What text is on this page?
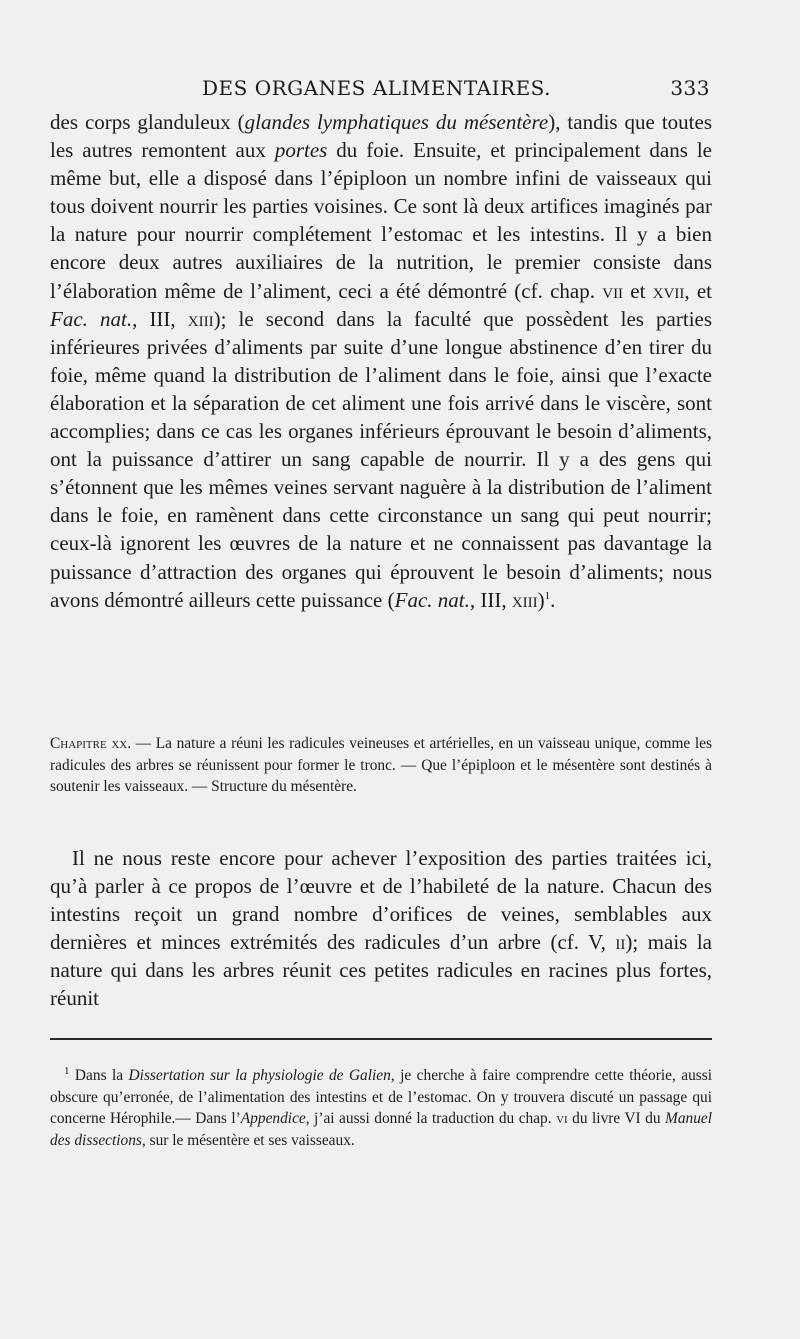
DES ORGANES ALIMENTAIRES.	333

des corps glanduleux (glandes lymphatiques du mésentère), tandis que toutes les autres remontent aux portes du foie. Ensuite, et principalement dans le même but, elle a disposé dans l’épiploon un nombre infini de vaisseaux qui tous doivent nourrir les parties voisines. Ce sont là deux artifices imaginés par la nature pour nourrir complétement l’estomac et les intestins. Il y a bien encore deux autres auxiliaires de la nutrition, le premier consiste dans l’élaboration même de l’aliment, ceci a été démontré (cf. chap. vii et xvii, et Fac. nat., III, xiii); le second dans la faculté que possèdent les parties inférieures privées d’aliments par suite d’une longue abstinence d’en tirer du foie, même quand la distribution de l’aliment dans le foie, ainsi que l’exacte élaboration et la séparation de cet aliment une fois arrivé dans le viscère, sont accomplies; dans ce cas les organes inférieurs éprouvant le besoin d’aliments, ont la puissance d’attirer un sang capable de nourrir. Il y a des gens qui s’étonnent que les mêmes veines servant naguère à la distribution de l’aliment dans le foie, en ramènent dans cette circonstance un sang qui peut nourrir; ceux-là ignorent les œuvres de la nature et ne connaissent pas davantage la puissance d’attraction des organes qui éprouvent le besoin d’aliments; nous avons démontré ailleurs cette puissance (Fac. nat., III, xiii)$^1$.

Chapitre xx. — La nature a réuni les radicules veineuses et artérielles, en un vaisseau unique, comme les radicules des arbres se réunissent pour former le tronc. — Que l’épiploon et le mésentère sont destinés à soutenir les vaisseaux. — Structure du mésentère.

Il ne nous reste encore pour achever l’exposition des parties traitées ici, qu’à parler à ce propos de l’œuvre et de l’habileté de la nature. Chacun des intestins reçoit un grand nombre d’orifices de veines, semblables aux dernières et minces extrémités des radicules d’un arbre (cf. V, ii); mais la nature qui dans les arbres réunit ces petites radicules en racines plus fortes, réunit

$^1$ Dans la Dissertation sur la physiologie de Galien, je cherche à faire comprendre cette théorie, aussi obscure qu’erronée, de l’alimentation des intestins et de l’estomac. On y trouvera discuté un passage qui concerne Hérophile.— Dans l’Appendice, j’ai aussi donné la traduction du chap. vi du livre VI du Manuel des dissections, sur le mésentère et ses vaisseaux.
